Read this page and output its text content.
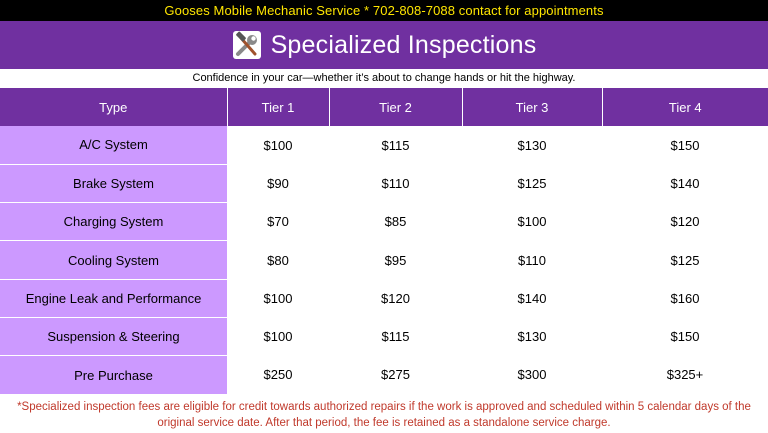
Gooses Mobile Mechanic Service * 702-808-7088 contact for appointments
Specialized Inspections
Confidence in your car—whether it’s about to change hands or hit the highway.
Type	Tier 1	Tier 2	Tier 3	Tier 4
A/C System	$100	$115	$130	$150
Brake System	$90	$110	$125	$140
Charging System	$70	$85	$100	$120
Cooling System	$80	$95	$110	$125
Engine Leak and Performance	$100	$120	$140	$160
Suspension & Steering	$100	$115	$130	$150
Pre Purchase	$250	$275	$300	$325+
*Specialized inspection fees are eligible for credit towards authorized repairs if the work is approved and scheduled within 5 calendar days of the original service date. After that period, the fee is retained as a standalone service charge.
